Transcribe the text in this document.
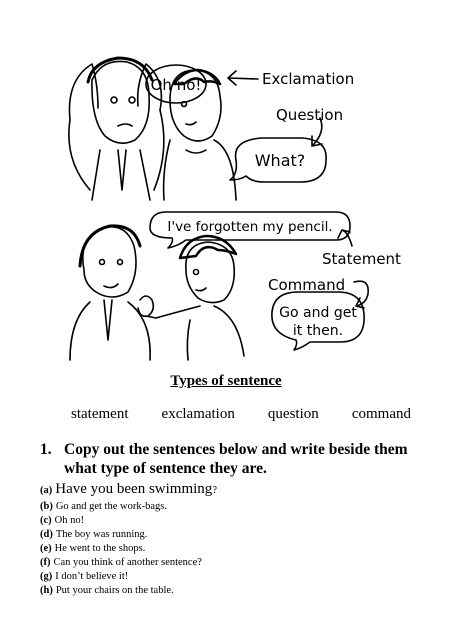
Oh no!	Exclamation
Question
What?
I've forgotten my pencil.
Statement
Command
Go and get
it then.
Types of sentence
statement exclamation question command
1. Copy out the sentences below and write beside them what type of sentence they are.
(a) Have you been swimming?
(b) Go and get the work-bags.
(c) Oh no!
(d) The boy was running.
(e) He went to the shops.
(f) Can you think of another sentence?
(g) I don’t believe it!
(h) Put your chairs on the table.
